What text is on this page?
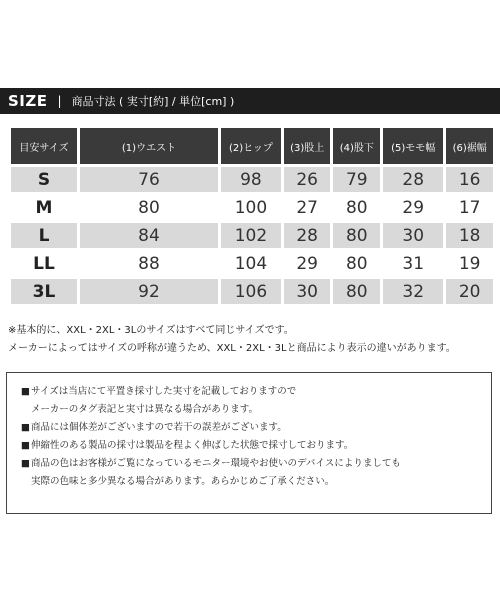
SIZE | 商品寸法 ( 実寸[約] / 単位[cm] )
目安サイズ	(1)ウエスト	(2)ヒップ	(3)股上	(4)股下	(5)モモ幅	(6)裾幅
S	76	98	26	79	28	16
M	80	100	27	80	29	17
L	84	102	28	80	30	18
LL	88	104	29	80	31	19
3L	92	106	30	80	32	20
※基本的に、XXL・2XL・3Lのサイズはすべて同じサイズです。
メーカーによってはサイズの呼称が違うため、XXL・2XL・3Lと商品により表示の違いがあります。
■ サイズは当店にて平置き採寸した実寸を記載しておりますので
メーカーのタグ表記と実寸は異なる場合があります。
■ 商品には個体差がございますので若干の誤差がございます。
■ 伸縮性のある製品の採寸は製品を程よく伸ばした状態で採寸しております。
■ 商品の色はお客様がご覧になっているモニター環境やお使いのデバイスによりましても
実際の色味と多少異なる場合があります。あらかじめご了承ください。
